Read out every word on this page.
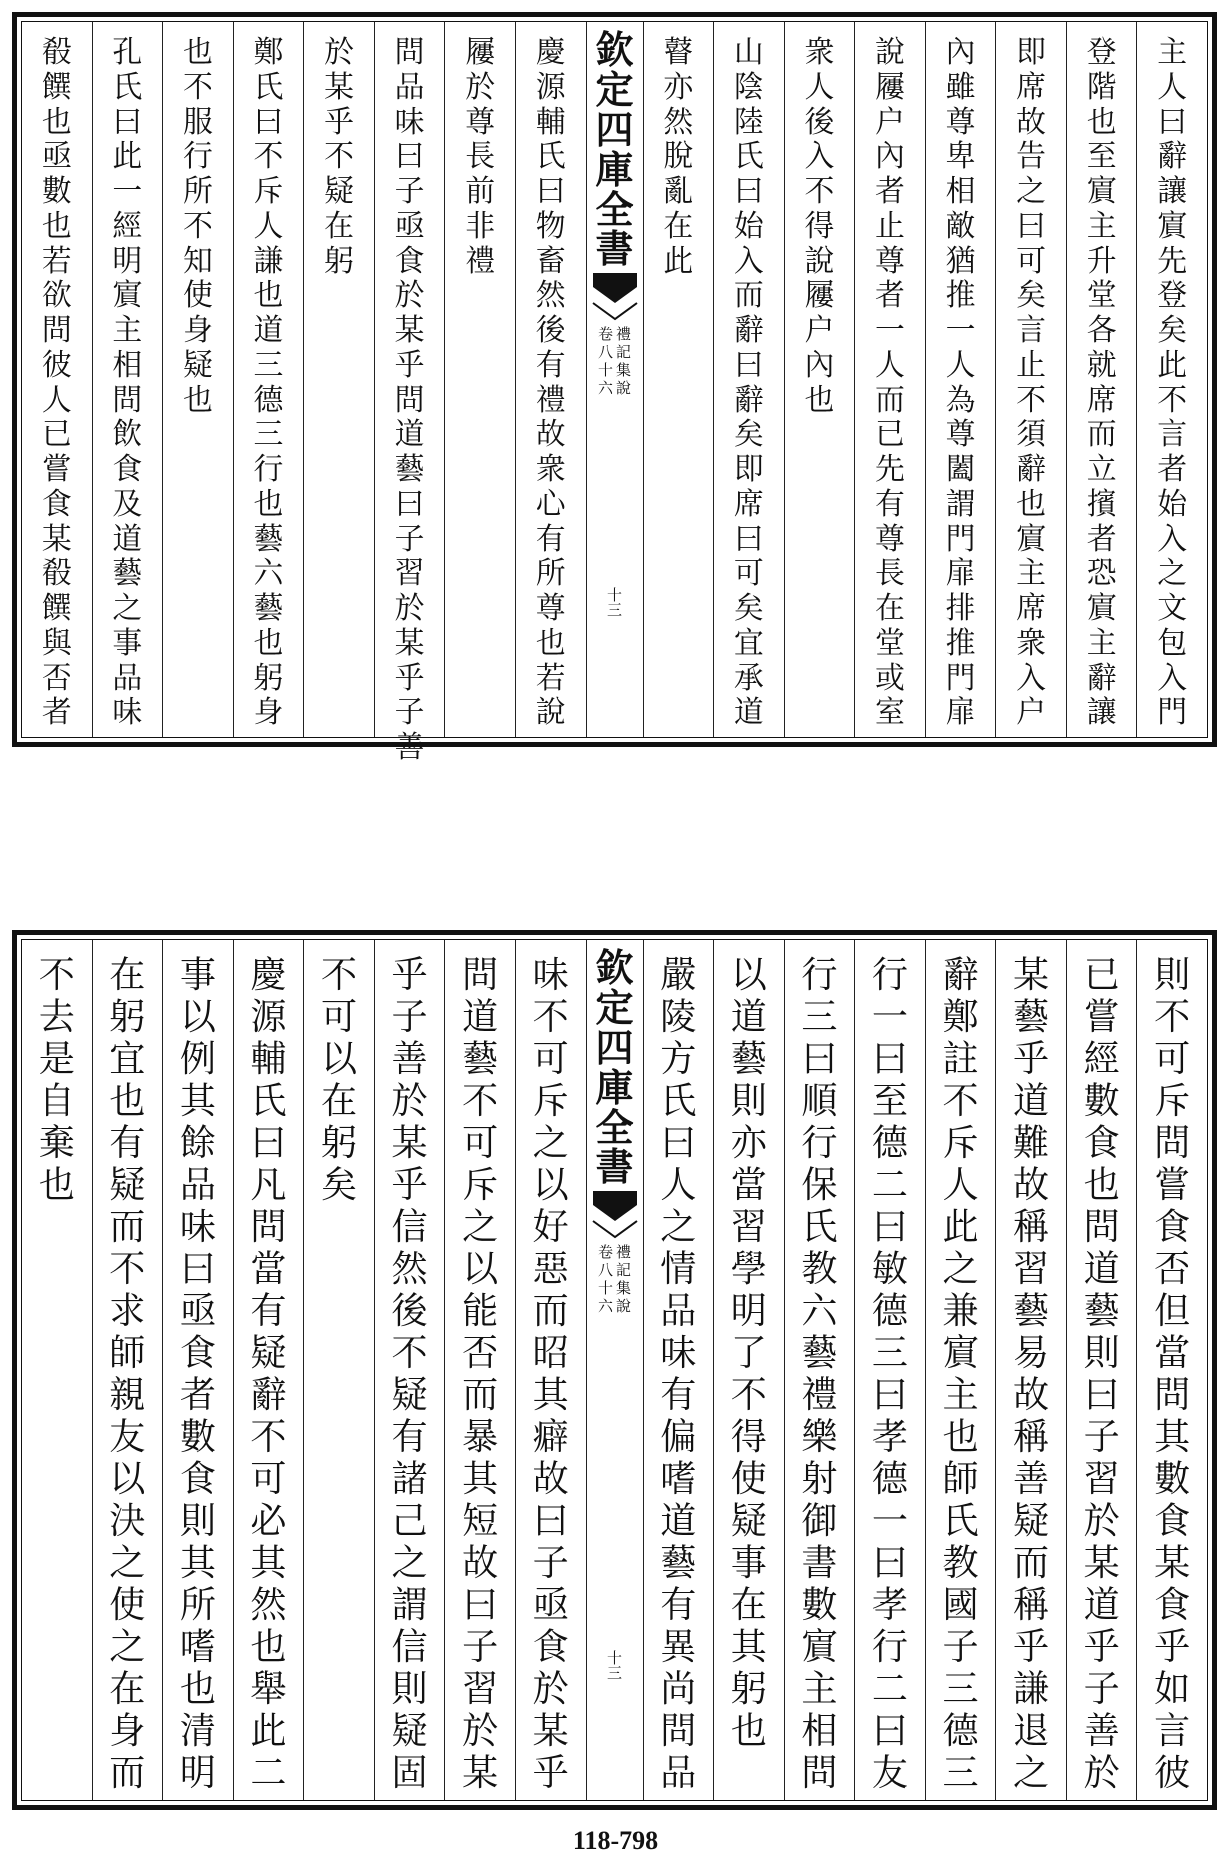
主
人
曰
辭
讓
賔
先
登
矣
此
不
言
者
始
入
之
文
包
入
門
登
階
也
至
賔
主
升
堂
各
就
席
而
立
擯
者
恐
賔
主
辭
讓
即
席
故
告
之
曰
可
矣
言
止
不
須
辭
也
賔
主
席
衆
入
户
內
雖
尊
卑
相
敵
猶
推
一
人
為
尊
闔
謂
門
扉
排
推
門
扉
說
屨
户
內
者
止
尊
者
一
人
而
已
先
有
尊
長
在
堂
或
室
衆
人
後
入
不
得
說
屨
户
內
也
山
陰
陸
氏
曰
始
入
而
辭
曰
辭
矣
即
席
曰
可
矣
宜
承
道
瞽
亦
然
脫
亂
在
此
欽
定
四
庫
全
書
禮
記
集
說
卷
八
十
六
十三
慶
源
輔
氏
曰
物
畜
然
後
有
禮
故
衆
心
有
所
尊
也
若
說
屨
於
尊
長
前
非
禮
問
品
味
曰
子
亟
食
於
某
乎
問
道
藝
曰
子
習
於
某
乎
子
善
於
某
乎
不
疑
在
躬
鄭
氏
曰
不
斥
人
謙
也
道
三
德
三
行
也
藝
六
藝
也
躬
身
也
不
服
行
所
不
知
使
身
疑
也
孔
氏
曰
此
一
經
明
賔
主
相
問
飲
食
及
道
藝
之
事
品
味
殽
饌
也
亟
數
也
若
欲
問
彼
人
已
嘗
食
某
殽
饌
與
否
者
則
不
可
斥
問
嘗
食
否
但
當
問
其
數
食
某
食
乎
如
言
彼
已
嘗
經
數
食
也
問
道
藝
則
曰
子
習
於
某
道
乎
子
善
於
某
藝
乎
道
難
故
稱
習
藝
易
故
稱
善
疑
而
稱
乎
謙
退
之
辭
鄭
註
不
斥
人
此
之
兼
賔
主
也
師
氏
教
國
子
三
德
三
行
一
曰
至
德
二
曰
敏
德
三
曰
孝
德
一
曰
孝
行
二
曰
友
行
三
曰
順
行
保
氏
教
六
藝
禮
樂
射
御
書
數
賔
主
相
問
以
道
藝
則
亦
當
習
學
明
了
不
得
使
疑
事
在
其
躬
也
嚴
陵
方
氏
曰
人
之
情
品
味
有
偏
嗜
道
藝
有
異
尚
問
品
欽
定
四
庫
全
書
禮
記
集
說
卷
八
十
六
十三
味
不
可
斥
之
以
好
惡
而
昭
其
癖
故
曰
子
亟
食
於
某
乎
問
道
藝
不
可
斥
之
以
能
否
而
暴
其
短
故
曰
子
習
於
某
乎
子
善
於
某
乎
信
然
後
不
疑
有
諸
己
之
謂
信
則
疑
固
不
可
以
在
躬
矣
慶
源
輔
氏
曰
凡
問
當
有
疑
辭
不
可
必
其
然
也
舉
此
二
事
以
例
其
餘
品
味
曰
亟
食
者
數
食
則
其
所
嗜
也
清
明
在
躬
宜
也
有
疑
而
不
求
師
親
友
以
決
之
使
之
在
身
而
不
去
是
自
棄
也
118-798
